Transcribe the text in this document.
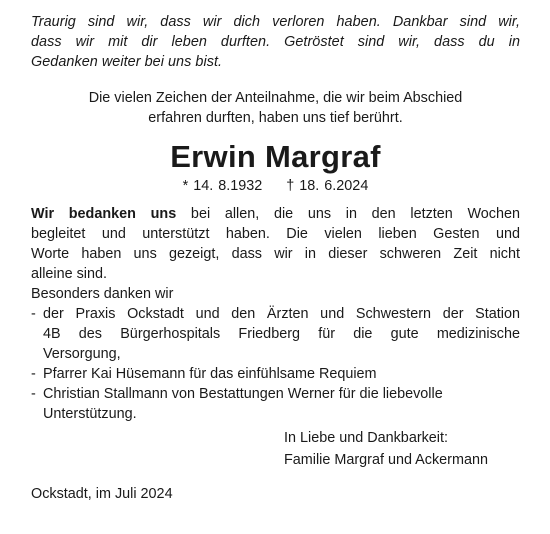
Traurig sind wir, dass wir dich verloren haben. Dankbar sind wir,
dass wir mit dir leben durften. Getröstet sind wir, dass du in
Gedanken weiter bei uns bist.

Die vielen Zeichen der Anteilnahme, die wir beim Abschied
erfahren durften, haben uns tief berührt.

Erwin Margraf

* 14. 8.1932 † 18. 6.2024

Wir bedanken uns bei allen, die uns in den letzten Wochen
begleitet und unterstützt haben. Die vielen lieben Gesten und
Worte haben uns gezeigt, dass wir in dieser schweren Zeit nicht
alleine sind.

Besonders danken wir

- der Praxis Ockstadt und den Ärzten und Schwestern der Station
4B des Bürgerhospitals Friedberg für die gute medizinische
Versorgung,
- Pfarrer Kai Hüsemann für das einfühlsame Requiem
- Christian Stallmann von Bestattungen Werner für die liebevolle
Unterstützung.
In Liebe und Dankbarkeit:
Familie Margraf und Ackermann
Ockstadt, im Juli 2024
